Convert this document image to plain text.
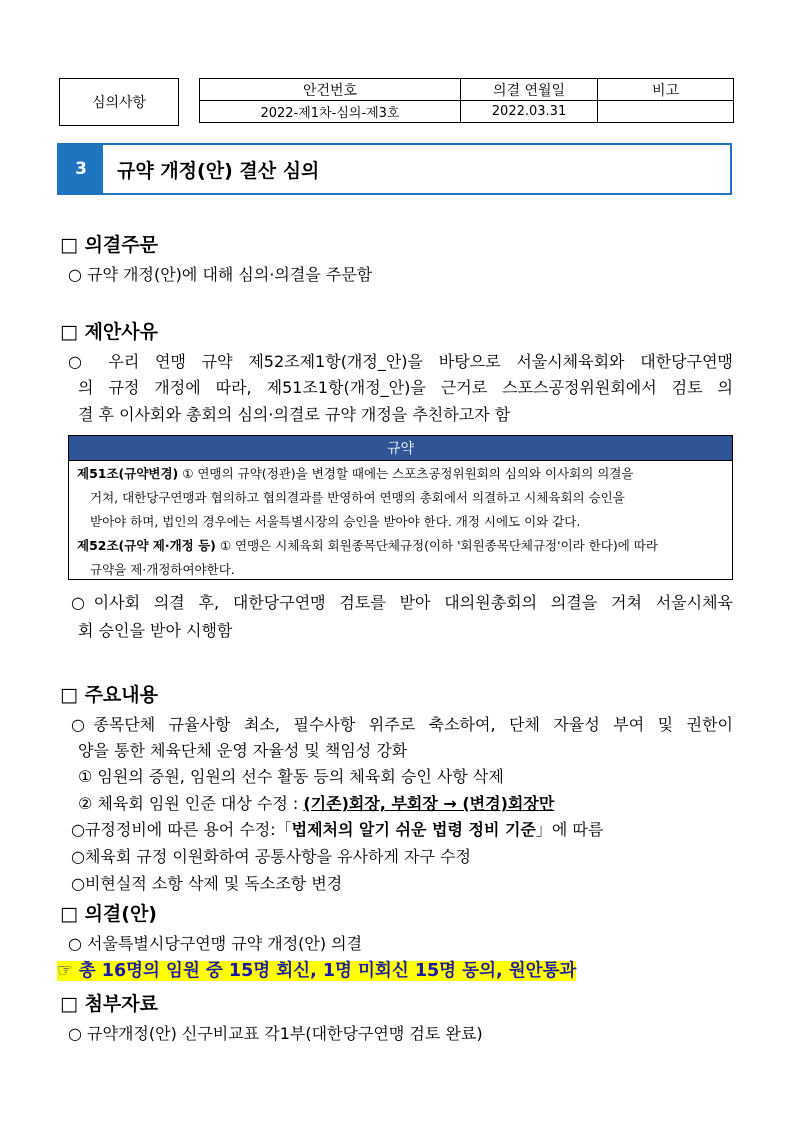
심의사항
안건번호	의결 연월일	비고
2022-제1차-심의-제3호	2022.03.31	
3	규약 개정(안) 결산 심의
□ 의결주문
○ 규약 개정(안)에 대해 심의·의결을 주문함
□ 제안사유
○ 우리 연맹 규약 제52조제1항(개정_안)을 바탕으로 서울시체육회와 대한당구연맹
의 규정 개정에 따라, 제51조1항(개정_안)을 근거로 스포스공정위원회에서 검토 의
결 후 이사회와 총회의 심의·의결로 규약 개정을 추친하고자 함
규약
제51조(규약변경) ① 연맹의 규약(정관)을 변경할 때에는 스포츠공정위원회의 심의와 이사회의 의결을
거쳐, 대한당구연맹과 협의하고 협의결과를 반영하여 연맹의 총회에서 의결하고 시체육회의 승인을
받아야 하며, 법인의 경우에는 서울특별시장의 승인을 받아야 한다. 개정 시에도 이와 같다.
제52조(규약 제·개정 등) ① 연맹은 시체육회 회원종목단체규정(이하 '회원종목단체규정'이라 한다)에 따라
규약을 제·개정하여야한다.
○이사회 의결 후, 대한당구연맹 검토를 받아 대의원총회의 의결을 거쳐 서울시체육
회 승인을 받아 시행함
□ 주요내용
○종목단체 규율사항 최소, 필수사항 위주로 축소하여, 단체 자율성 부여 및 권한이
양을 통한 체육단체 운영 자율성 및 책임성 강화
① 임원의 증원, 임원의 선수 활동 등의 체육회 승인 사항 삭제
② 체육회 임원 인준 대상 수정 : (기존)회장, 부회장 → (변경)회장만
○규정정비에 따른 용어 수정:「법제처의 알기 쉬운 법령 정비 기준」에 따름
○체육회 규정 이원화하여 공통사항을 유사하게 자구 수정
○비현실적 소항 삭제 및 독소조항 변경
□ 의결(안)
○ 서울특별시당구연맹 규약 개정(안) 의결
☞ 총 16명의 임원 중 15명 회신, 1명 미회신 15명 동의, 원안통과
□ 첨부자료
○ 규약개정(안) 신구비교표 각1부(대한당구연맹 검토 완료)
